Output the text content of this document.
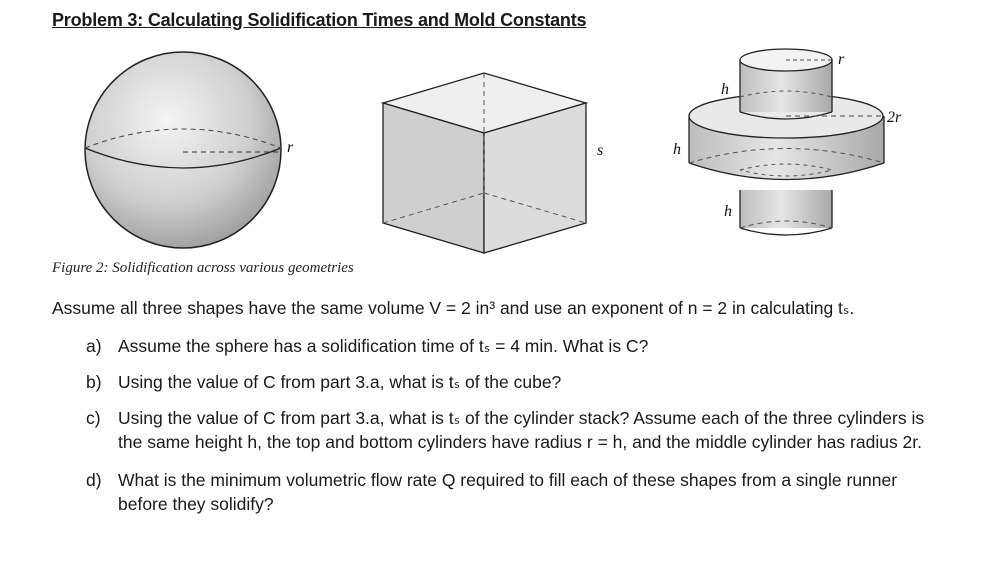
Problem 3: Calculating Solidification Times and Mold Constants
r	s
r
2r
h
h
h
Figure 2: Solidification across various geometries
Assume all three shapes have the same volume V = 2 in³ and use an exponent of n = 2 in calculating tₛ.
a) Assume the sphere has a solidification time of tₛ = 4 min. What is C?
b) Using the value of C from part 3.a, what is tₛ of the cube?
c) Using the value of C from part 3.a, what is tₛ of the cylinder stack? Assume each of the three cylinders is the same height h, the top and bottom cylinders have radius r = h, and the middle cylinder has radius 2r.
d) What is the minimum volumetric flow rate Q required to fill each of these shapes from a single runner before they solidify?
